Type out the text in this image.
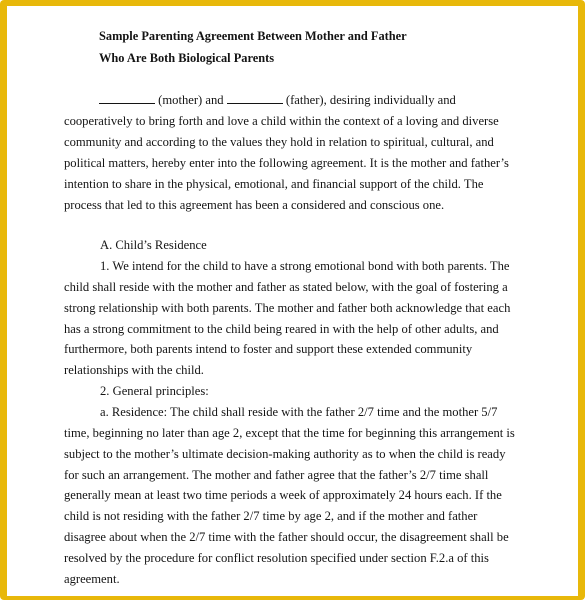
Sample Parenting Agreement Between Mother and Father
Who Are Both Biological Parents
(mother) and	(father), desiring individually and
cooperatively to bring forth and love a child within the context of a loving and diverse
community and according to the values they hold in relation to spiritual, cultural, and
political matters, hereby enter into the following agreement. It is the mother and father’s
intention to share in the physical, emotional, and financial support of the child. The
process that led to this agreement has been a considered and conscious one.
A. Child’s Residence
1. We intend for the child to have a strong emotional bond with both parents. The
child shall reside with the mother and father as stated below, with the goal of fostering a
strong relationship with both parents. The mother and father both acknowledge that each
has a strong commitment to the child being reared in with the help of other adults, and
furthermore, both parents intend to foster and support these extended community
relationships with the child.
2. General principles:
a. Residence: The child shall reside with the father 2/7 time and the mother 5/7
time, beginning no later than age 2, except that the time for beginning this arrangement is
subject to the mother’s ultimate decision-making authority as to when the child is ready
for such an arrangement. The mother and father agree that the father’s 2/7 time shall
generally mean at least two time periods a week of approximately 24 hours each. If the
child is not residing with the father 2/7 time by age 2, and if the mother and father
disagree about when the 2/7 time with the father should occur, the disagreement shall be
resolved by the procedure for conflict resolution specified under section F.2.a of this
agreement.
